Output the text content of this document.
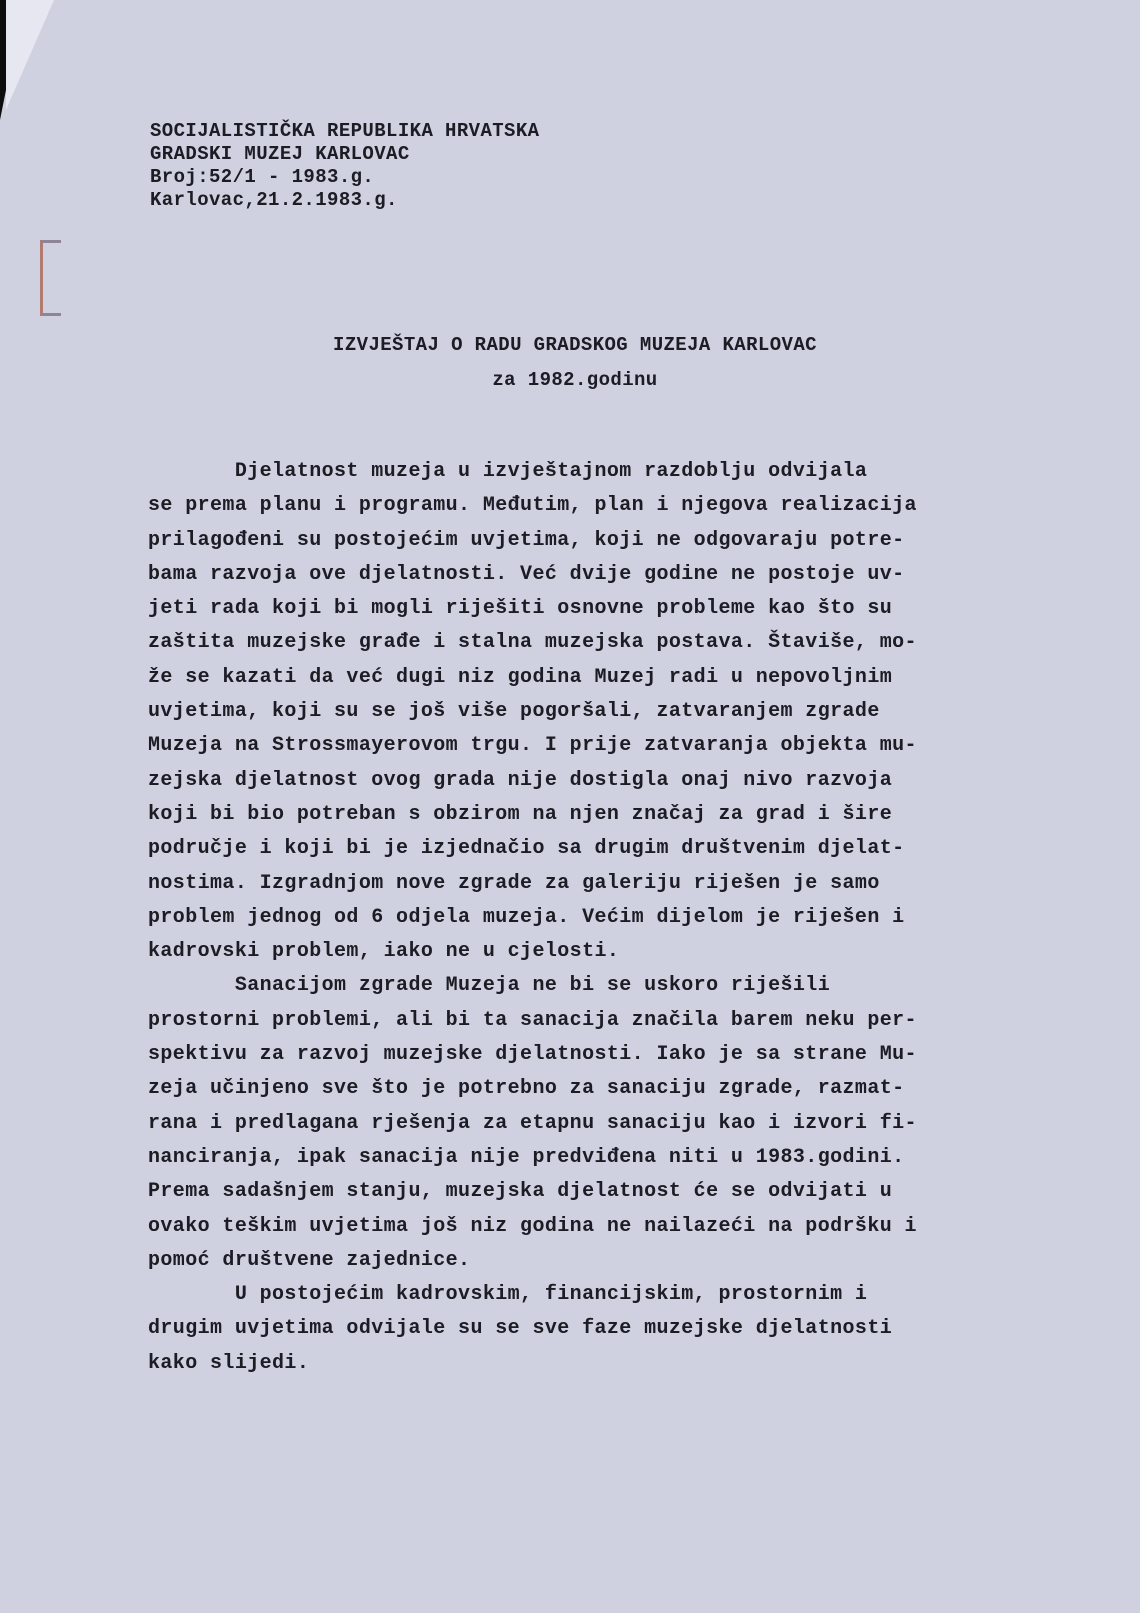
SOCIJALISTIČKA REPUBLIKA HRVATSKA
GRADSKI MUZEJ KARLOVAC
Broj:52/1 - 1983.g.
Karlovac,21.2.1983.g.
IZVJEŠTAJ O RADU GRADSKOG MUZEJA KARLOVAC
za 1982.godinu
Djelatnost muzeja u izvještajnom razdoblju odvijala
se prema planu i programu. Međutim, plan i njegova realizacija
prilagođeni su postojećim uvjetima, koji ne odgovaraju potre-
bama razvoja ove djelatnosti. Već dvije godine ne postoje uv-
jeti rada koji bi mogli riješiti osnovne probleme kao što su
zaštita muzejske građe i stalna muzejska postava. Štaviše, mo-
že se kazati da već dugi niz godina Muzej radi u nepovoljnim
uvjetima, koji su se još više pogoršali, zatvaranjem zgrade
Muzeja na Strossmayerovom trgu. I prije zatvaranja objekta mu-
zejska djelatnost ovog grada nije dostigla onaj nivo razvoja
koji bi bio potreban s obzirom na njen značaj za grad i šire
područje i koji bi je izjednačio sa drugim društvenim djelat-
nostima. Izgradnjom nove zgrade za galeriju riješen je samo
problem jednog od 6 odjela muzeja. Većim dijelom je riješen i
kadrovski problem, iako ne u cjelosti.
Sanacijom zgrade Muzeja ne bi se uskoro riješili
prostorni problemi, ali bi ta sanacija značila barem neku per-
spektivu za razvoj muzejske djelatnosti. Iako je sa strane Mu-
zeja učinjeno sve što je potrebno za sanaciju zgrade, razmat-
rana i predlagana rješenja za etapnu sanaciju kao i izvori fi-
nanciranja, ipak sanacija nije predviđena niti u 1983.godini.
Prema sadašnjem stanju, muzejska djelatnost će se odvijati u
ovako teškim uvjetima još niz godina ne nailazeći na podršku i
pomoć društvene zajednice.
U postojećim kadrovskim, financijskim, prostornim i
drugim uvjetima odvijale su se sve faze muzejske djelatnosti
kako slijedi.
